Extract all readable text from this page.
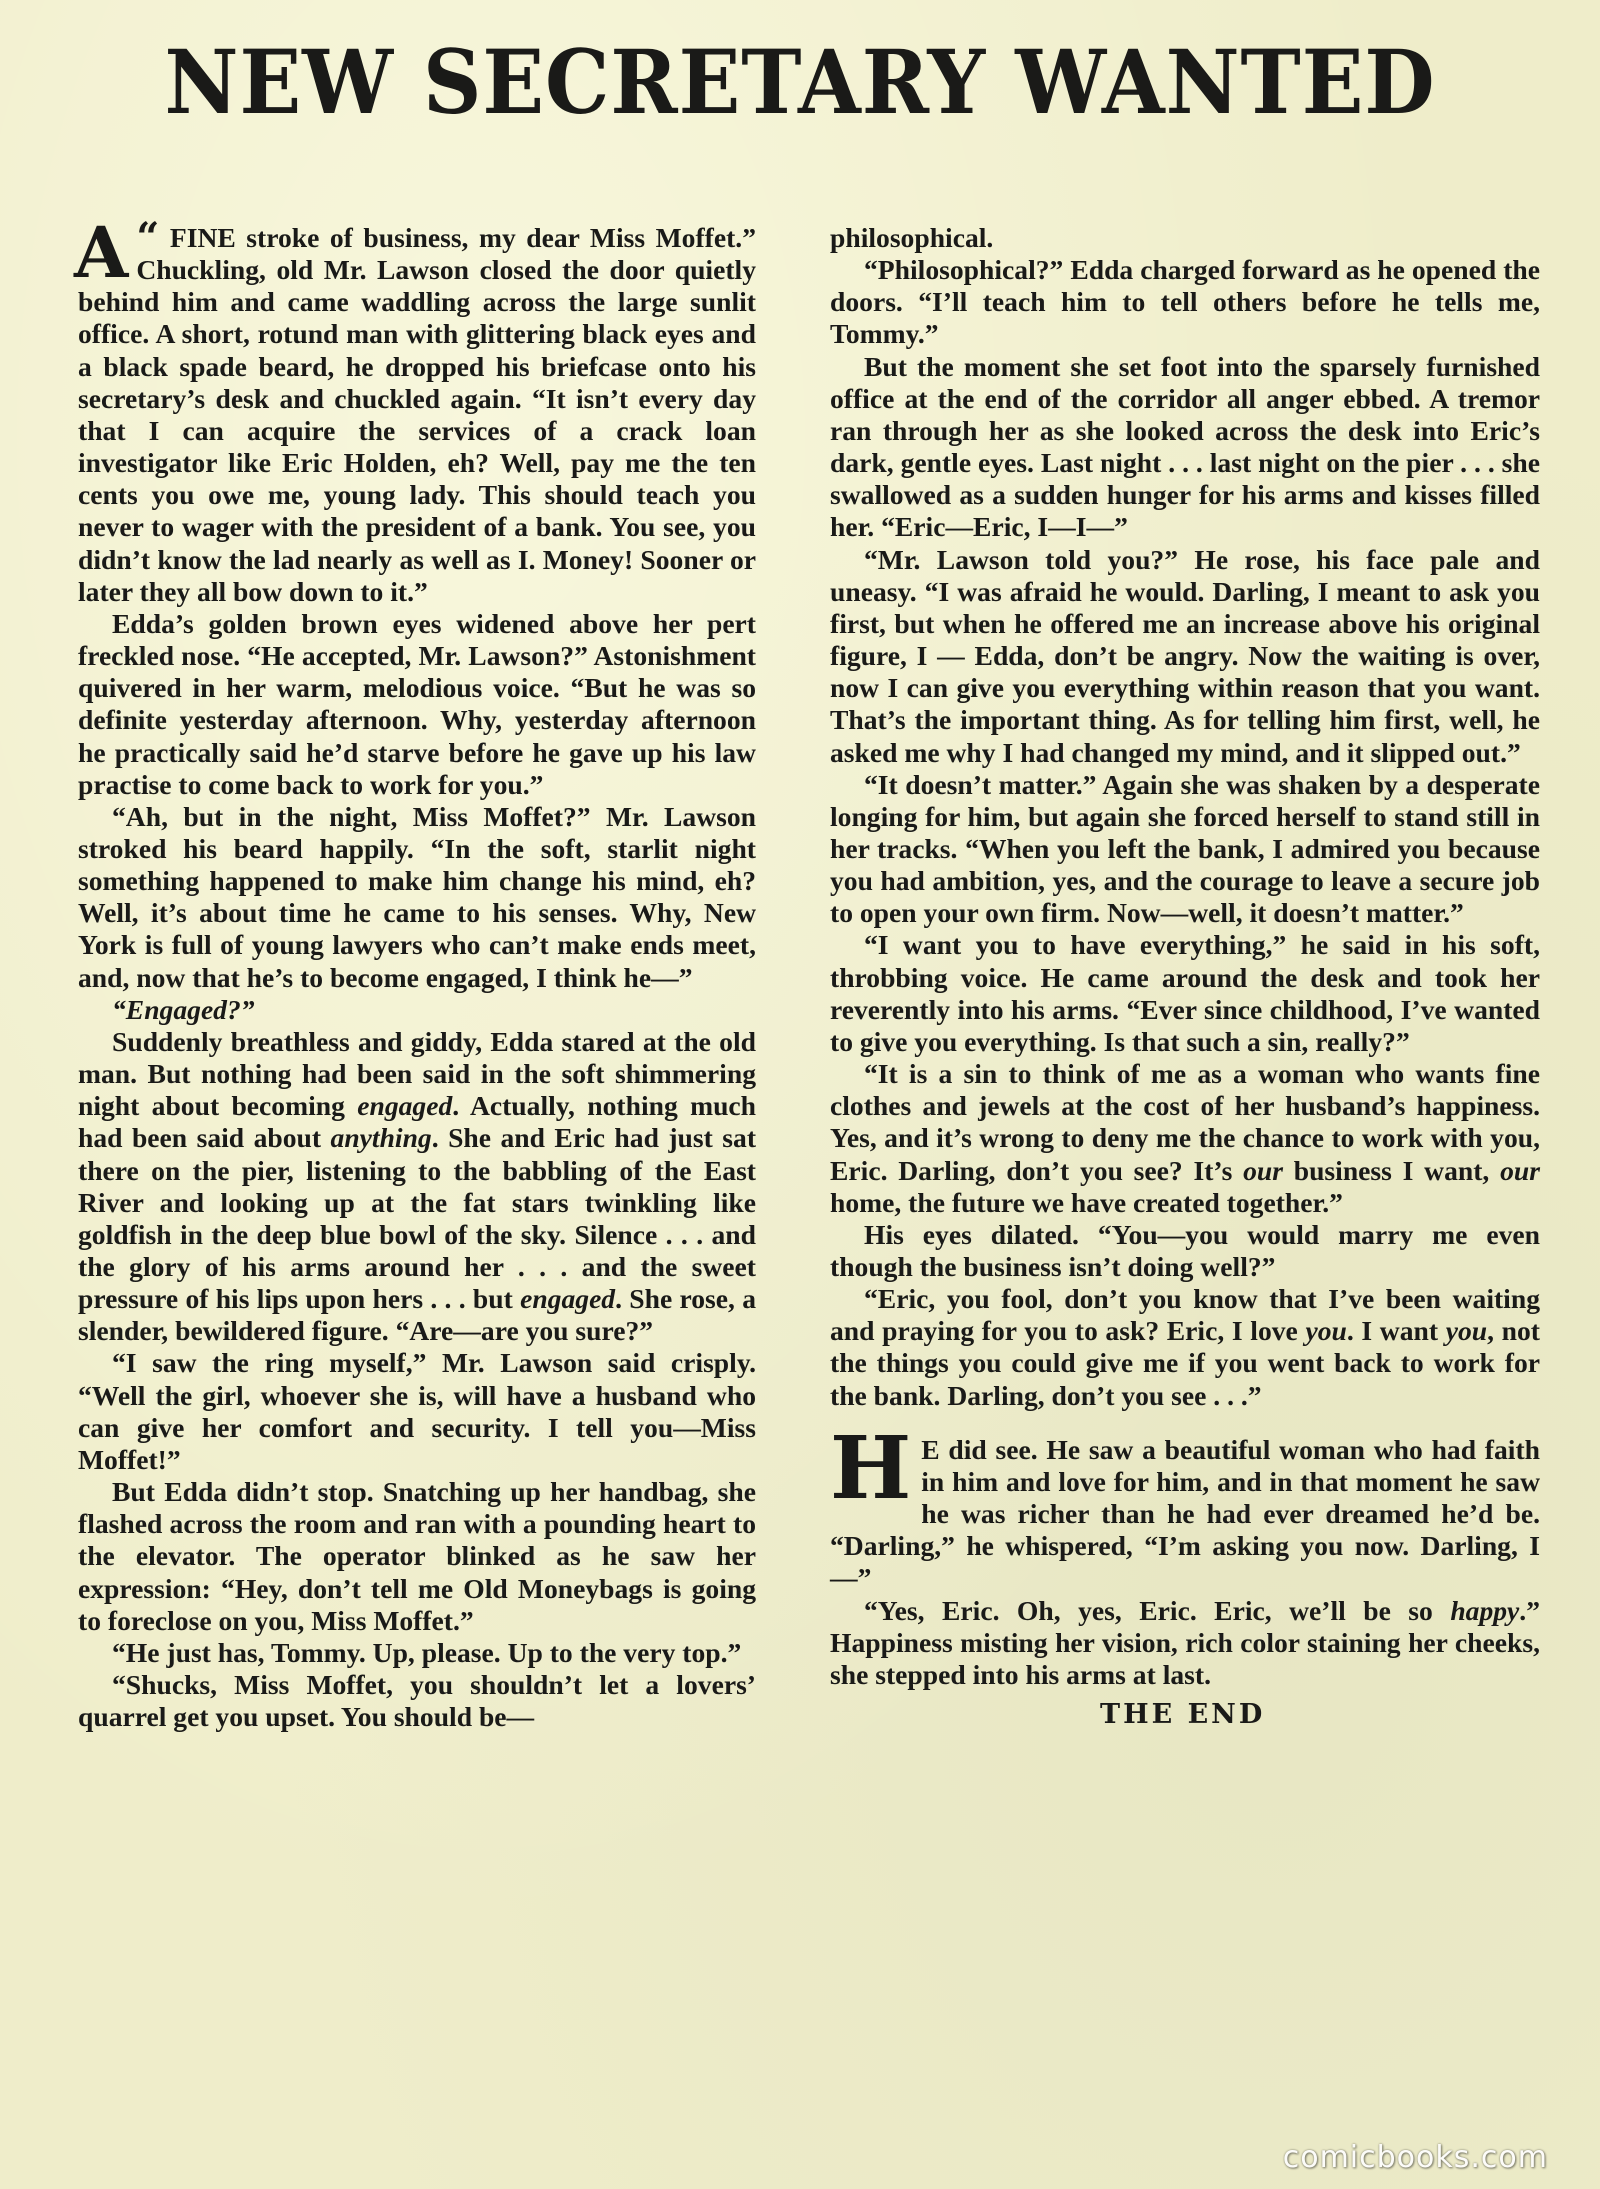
NEW SECRETARY WANTED

“
A FINE stroke of business, my dear Miss Moffet.” Chuckling, old Mr. Lawson closed the door quietly behind him and came waddling across the large sunlit office. A short, rotund man with glittering black eyes and a black spade beard, he dropped his briefcase onto his secretary’s desk and chuckled again. “It isn’t every day that I can acquire the services of a crack loan investigator like Eric Holden, eh? Well, pay me the ten cents you owe me, young lady. This should teach you never to wager with the president of a bank. You see, you didn’t know the lad nearly as well as I. Money! Sooner or later they all bow down to it.”

Edda’s golden brown eyes widened above her pert freckled nose. “He accepted, Mr. Lawson?” Astonishment quivered in her warm, melodious voice. “But he was so definite yesterday afternoon. Why, yesterday afternoon he practically said he’d starve before he gave up his law practise to come back to work for you.”

“Ah, but in the night, Miss Moffet?” Mr. Lawson stroked his beard happily. “In the soft, starlit night something happened to make him change his mind, eh? Well, it’s about time he came to his senses. Why, New York is full of young lawyers who can’t make ends meet, and, now that he’s to become engaged, I think he—”

“Engaged?”

Suddenly breathless and giddy, Edda stared at the old man. But nothing had been said in the soft shimmering night about becoming engaged. Actually, nothing much had been said about anything. She and Eric had just sat there on the pier, listening to the babbling of the East River and looking up at the fat stars twinkling like goldfish in the deep blue bowl of the sky. Silence . . . and the glory of his arms around her . . . and the sweet pressure of his lips upon hers . . . but engaged. She rose, a slender, bewildered figure. “Are—are you sure?”

“I saw the ring myself,” Mr. Lawson said crisply. “Well the girl, whoever she is, will have a husband who can give her comfort and security. I tell you—Miss Moffet!”

But Edda didn’t stop. Snatching up her handbag, she flashed across the room and ran with a pounding heart to the elevator. The operator blinked as he saw her expression: “Hey, don’t tell me Old Moneybags is going to foreclose on you, Miss Moffet.”

“He just has, Tommy. Up, please. Up to the very top.”

“Shucks, Miss Moffet, you shouldn’t let a lovers’ quarrel get you upset. You should be—

philosophical.

“Philosophical?” Edda charged forward as he opened the doors. “I’ll teach him to tell others before he tells me, Tommy.”

But the moment she set foot into the sparsely furnished office at the end of the corridor all anger ebbed. A tremor ran through her as she looked across the desk into Eric’s dark, gentle eyes. Last night . . . last night on the pier . . . she swallowed as a sudden hunger for his arms and kisses filled her. “Eric—Eric, I—I—”

“Mr. Lawson told you?” He rose, his face pale and uneasy. “I was afraid he would. Darling, I meant to ask you first, but when he offered me an increase above his original figure, I — Edda, don’t be angry. Now the waiting is over, now I can give you everything within reason that you want. That’s the important thing. As for telling him first, well, he asked me why I had changed my mind, and it slipped out.”

“It doesn’t matter.” Again she was shaken by a desperate longing for him, but again she forced herself to stand still in her tracks. “When you left the bank, I admired you because you had ambition, yes, and the courage to leave a secure job to open your own firm. Now—well, it doesn’t matter.”

“I want you to have everything,” he said in his soft, throbbing voice. He came around the desk and took her reverently into his arms. “Ever since childhood, I’ve wanted to give you everything. Is that such a sin, really?”

“It is a sin to think of me as a woman who wants fine clothes and jewels at the cost of her husband’s happiness. Yes, and it’s wrong to deny me the chance to work with you, Eric. Darling, don’t you see? It’s our business I want, our home, the future we have created together.”

His eyes dilated. “You—you would marry me even though the business isn’t doing well?”

“Eric, you fool, don’t you know that I’ve been waiting and praying for you to ask? Eric, I love you. I want you, not the things you could give me if you went back to work for the bank. Darling, don’t you see . . .”

H E did see. He saw a beautiful woman who had faith in him and love for him, and in that moment he saw he was richer than he had ever dreamed he’d be. “Darling,” he whispered, “I’m asking you now. Darling, I—”

“Yes, Eric. Oh, yes, Eric. Eric, we’ll be so happy.” Happiness misting her vision, rich color staining her cheeks, she stepped into his arms at last.

THE END
comicbooks.com
